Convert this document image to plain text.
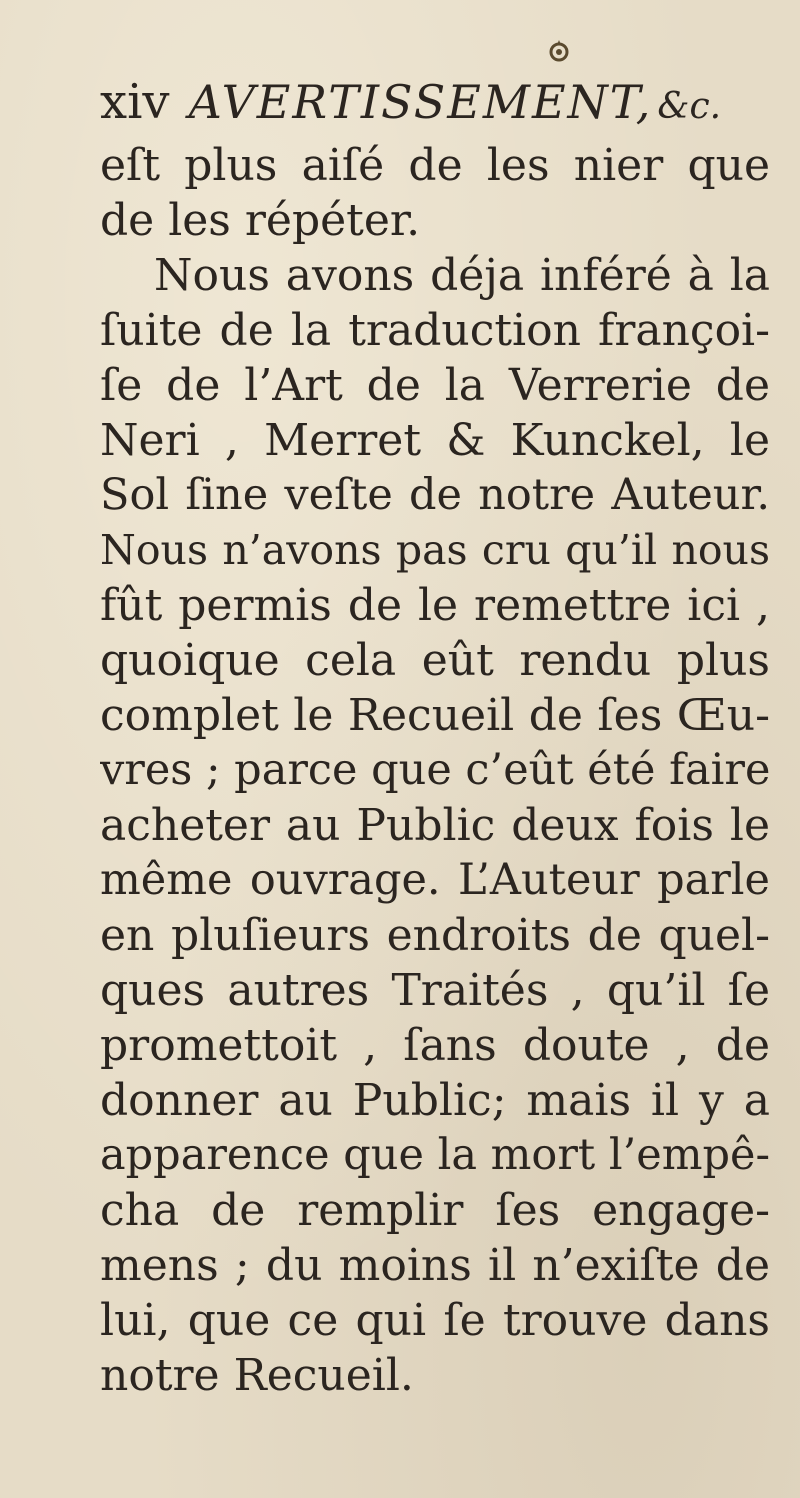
xiv AVERTISSEMENT, &c.
eſt plus aiſé de les nier que
de les répéter.
Nous avons déja inféré à la
ſuite de la traduction françoi-
ſe de l’Art de la Verrerie de
Neri , Merret & Kunckel, le
Sol ſine veſte de notre Auteur.
Nous n’avons pas cru qu’il nous
fût permis de le remettre ici ,
quoique cela eût rendu plus
complet le Recueil de ſes Œu-
vres ; parce que c’eût été faire
acheter au Public deux fois le
même ouvrage. L’Auteur parle
en pluſieurs endroits de quel-
ques autres Traités , qu’il ſe
promettoit , ſans doute , de
donner au Public; mais il y a
apparence que la mort l’empê-
cha de remplir ſes engage-
mens ; du moins il n’exiſte de
lui, que ce qui ſe trouve dans
notre Recueil.
